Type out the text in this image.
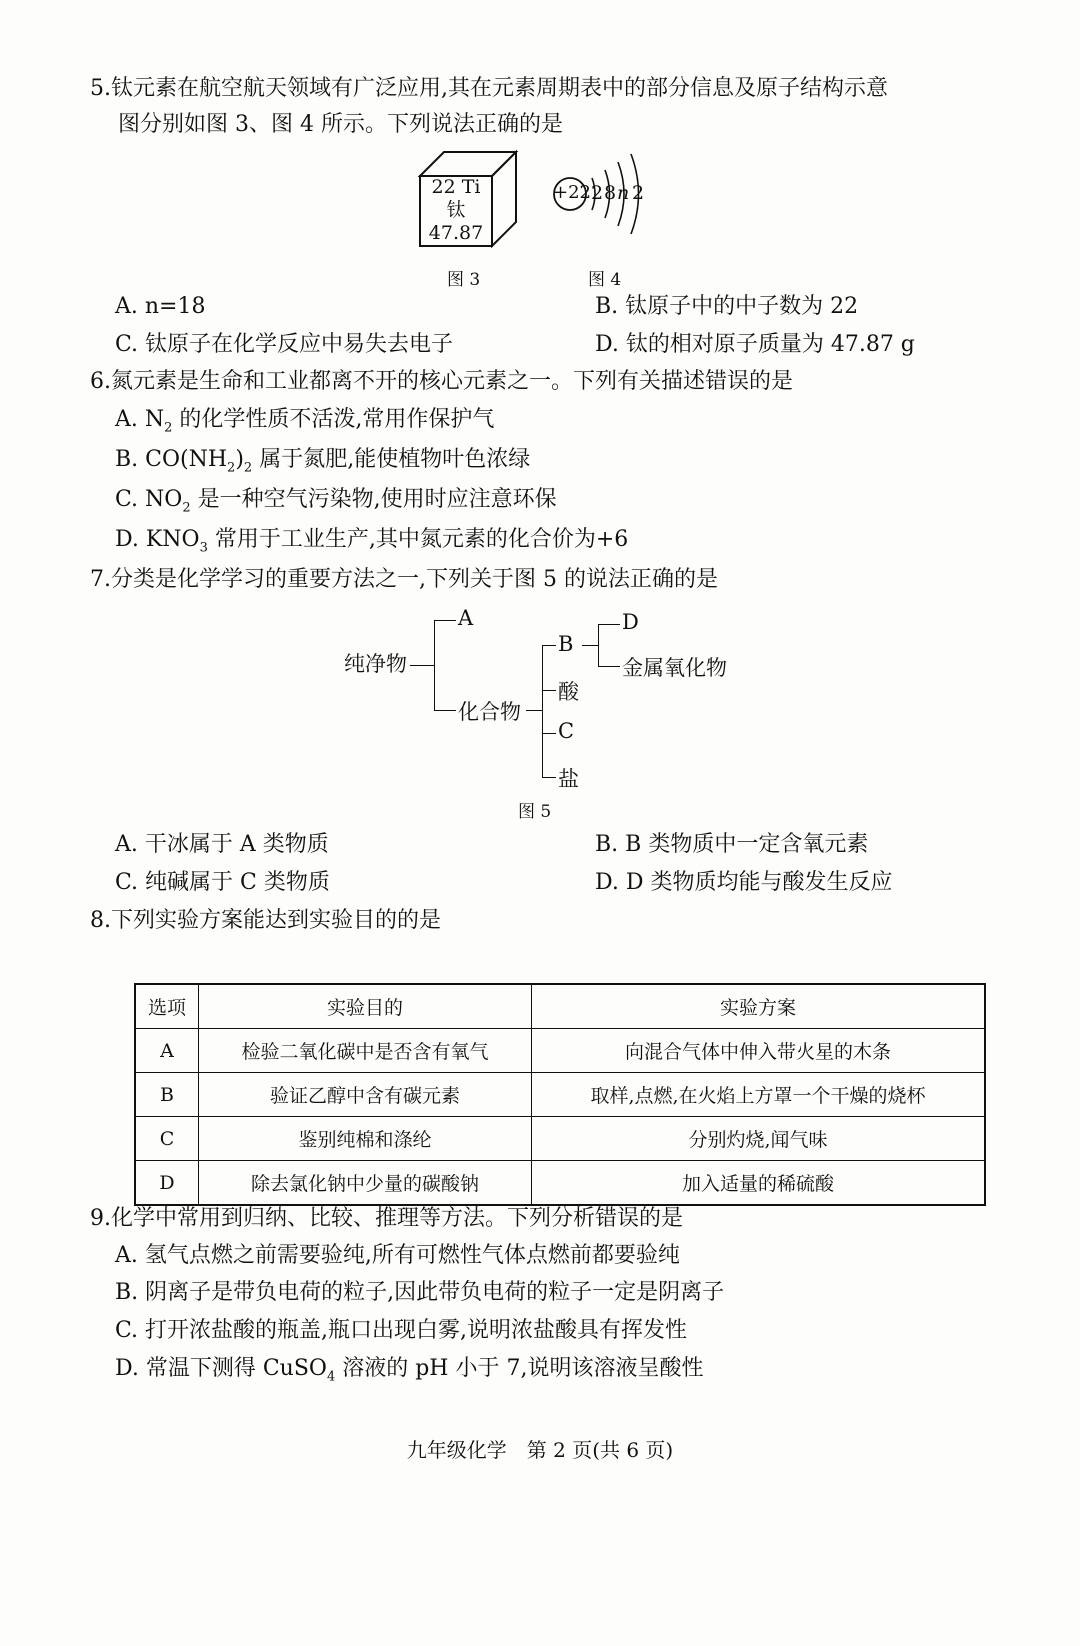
5.钛元素在航空航天领域有广泛应用,其在元素周期表中的部分信息及原子结构示意
图分别如图 3、图 4 所示。下列说法正确的是
22 Ti
钛
47.87
+22 2 8 n 2
图 3	图 4
A. n=18	B. 钛原子中的中子数为 22
C. 钛原子在化学反应中易失去电子	D. 钛的相对原子质量为 47.87 g
6.氮元素是生命和工业都离不开的核心元素之一。下列有关描述错误的是
A. $N_2$ 的化学性质不活泼,常用作保护气
B. $CO(NH_2)_2$ 属于氮肥,能使植物叶色浓绿
C. $NO_2$ 是一种空气污染物,使用时应注意环保
D. $KNO_3$ 常用于工业生产,其中氮元素的化合价为+6
7.分类是化学学习的重要方法之一,下列关于图 5 的说法正确的是
纯净物
A
化合物
B
酸
C
盐
D
金属氧化物
图 5
A. 干冰属于 A 类物质	B. B 类物质中一定含氧元素
C. 纯碱属于 C 类物质	D. D 类物质均能与酸发生反应
8.下列实验方案能达到实验目的的是
选项	实验目的	实验方案
A	检验二氧化碳中是否含有氧气	向混合气体中伸入带火星的木条
B	验证乙醇中含有碳元素	取样,点燃,在火焰上方罩一个干燥的烧杯
C	鉴别纯棉和涤纶	分别灼烧,闻气味
D	除去氯化钠中少量的碳酸钠	加入适量的稀硫酸
9.化学中常用到归纳、比较、推理等方法。下列分析错误的是
A. 氢气点燃之前需要验纯,所有可燃性气体点燃前都要验纯
B. 阴离子是带负电荷的粒子,因此带负电荷的粒子一定是阴离子
C. 打开浓盐酸的瓶盖,瓶口出现白雾,说明浓盐酸具有挥发性
D. 常温下测得 CuSO$_4$ 溶液的 pH 小于 7,说明该溶液呈酸性
九年级化学　第 2 页(共 6 页)
